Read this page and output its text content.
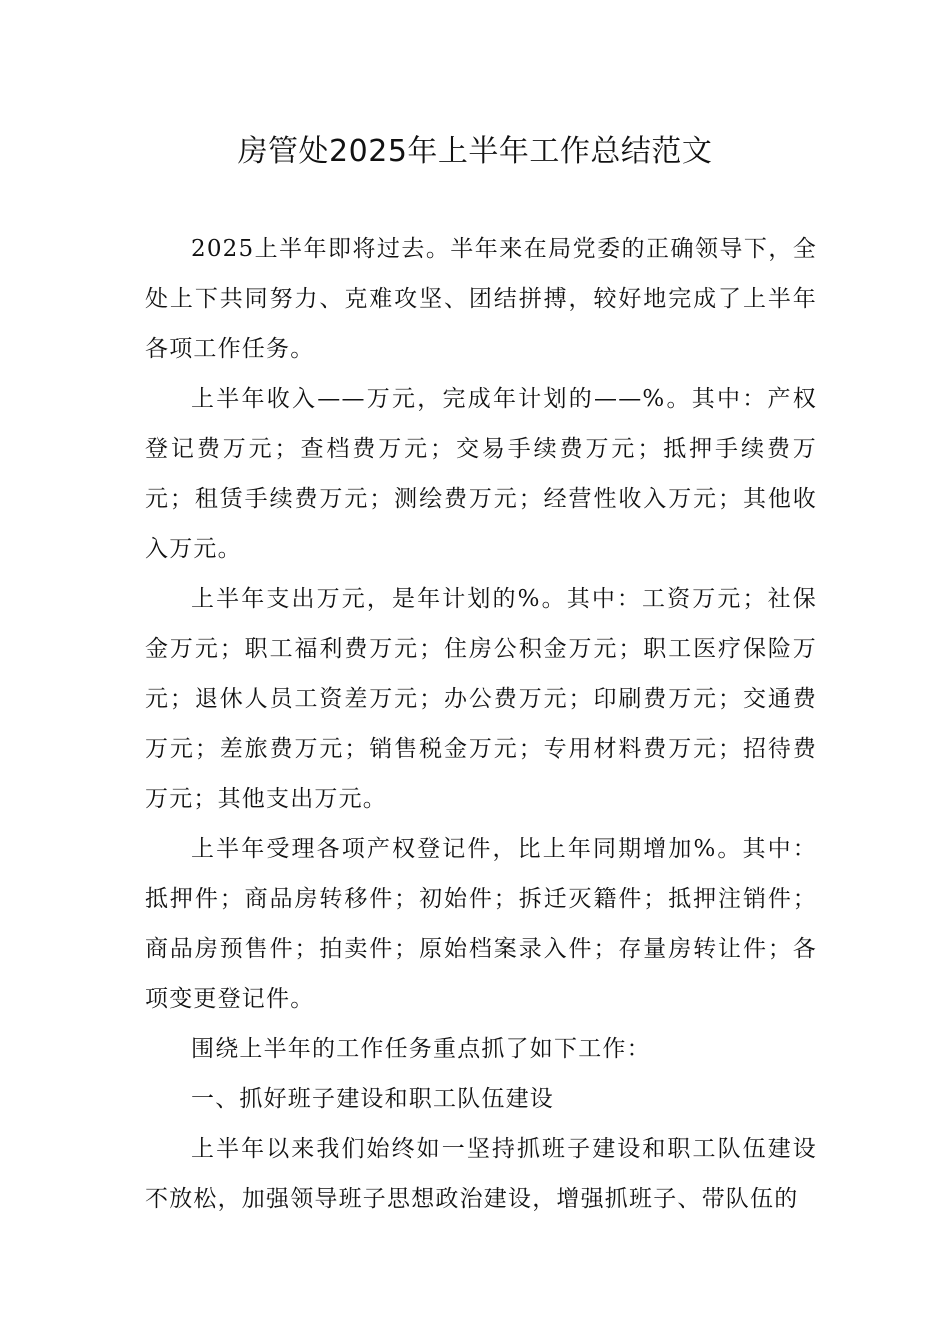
房管处2025年上半年工作总结范文

2025上半年即将过去。半年来在局党委的正确领导下，全处上下共同努力、克难攻坚、团结拼搏，较好地完成了上半年各项工作任务。

上半年收入——万元，完成年计划的——%。其中：产权登记费万元；查档费万元；交易手续费万元；抵押手续费万元；租赁手续费万元；测绘费万元；经营性收入万元；其他收入万元。

上半年支出万元，是年计划的%。其中：工资万元；社保金万元；职工福利费万元；住房公积金万元；职工医疗保险万元；退休人员工资差万元；办公费万元；印刷费万元；交通费万元；差旅费万元；销售税金万元；专用材料费万元；招待费万元；其他支出万元。

上半年受理各项产权登记件，比上年同期增加%。其中：抵押件；商品房转移件；初始件；拆迁灭籍件；抵押注销件；商品房预售件；拍卖件；原始档案录入件；存量房转让件；各项变更登记件。

围绕上半年的工作任务重点抓了如下工作：

一、抓好班子建设和职工队伍建设

上半年以来我们始终如一坚持抓班子建设和职工队伍建设不放松，加强领导班子思想政治建设，增强抓班子、带队伍的
